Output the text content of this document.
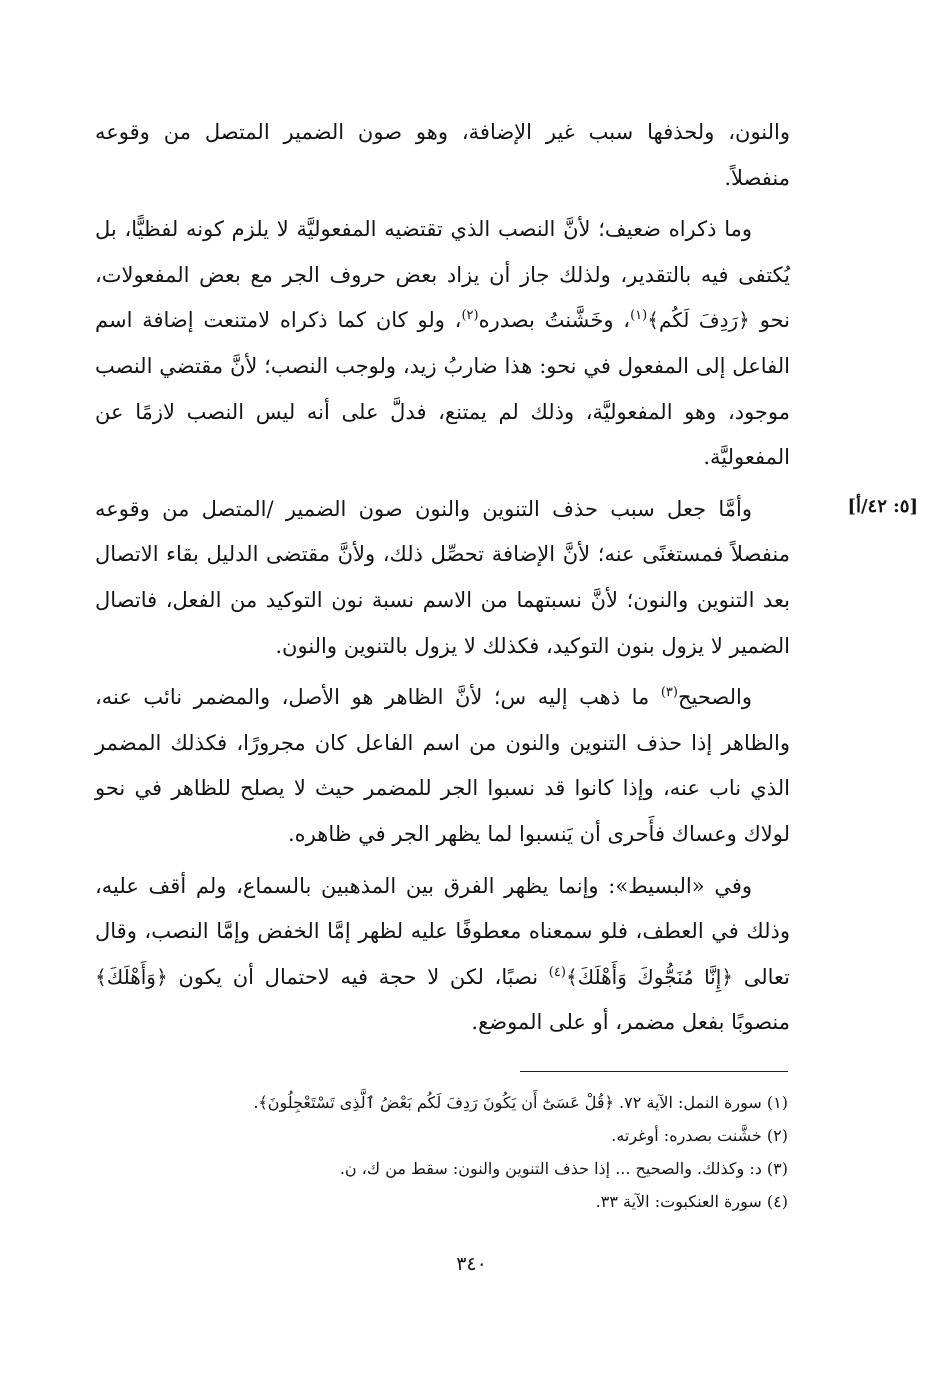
والنون، ولحذفها سبب غير الإضافة، وهو صون الضمير المتصل من وقوعه منفصلاً.

وما ذكراه ضعيف؛ لأنَّ النصب الذي تقتضيه المفعوليَّة لا يلزم كونه لفظيًّا، بل يُكتفى فيه بالتقدير، ولذلك جاز أن يزاد بعض حروف الجر مع بعض المفعولات، نحو ﴿رَدِفَ لَكُم﴾$^{(١)}$، وخَشَّنتُ بصدره$^{(٢)}$، ولو كان كما ذكراه لامتنعت إضافة اسم الفاعل إلى المفعول في نحو: هذا ضاربُ زيد، ولوجب النصب؛ لأنَّ مقتضي النصب موجود، وهو المفعوليَّة، وذلك لم يمتنع، فدلَّ على أنه ليس النصب لازمًا عن المفعوليَّة.

وأمَّا جعل سبب حذف التنوين والنون صون الضمير /المتصل من وقوعه منفصلاً فمستغنًى عنه؛ لأنَّ الإضافة تحصِّل ذلك، ولأنَّ مقتضى الدليل بقاء الاتصال بعد التنوين والنون؛ لأنَّ نسبتهما من الاسم نسبة نون التوكيد من الفعل، فاتصال الضمير لا يزول بنون التوكيد، فكذلك لا يزول بالتنوين والنون.

والصحيح$^{(٣)}$ ما ذهب إليه س؛ لأنَّ الظاهر هو الأصل، والمضمر نائب عنه، والظاهر إذا حذف التنوين والنون من اسم الفاعل كان مجرورًا، فكذلك المضمر الذي ناب عنه، وإذا كانوا قد نسبوا الجر للمضمر حيث لا يصلح للظاهر في نحو لولاك وعساك فأَحرى أن يَنسبوا لما يظهر الجر في ظاهره.

وفي «البسيط»: وإنما يظهر الفرق بين المذهبين بالسماع، ولم أقف عليه، وذلك في العطف، فلو سمعناه معطوفًا عليه لظهر إمَّا الخفض وإمَّا النصب، وقال تعالى ﴿إِنَّا مُنَجُّوكَ وَأَهْلَكَ﴾$^{(٤)}$ نصبًا، لكن لا حجة فيه لاحتمال أن يكون ﴿وَأَهْلَكَ﴾ منصوبًا بفعل مضمر، أو على الموضع.

[٥: ٤٢/أ]

(١) سورة النمل: الآية ٧٢. ﴿قُلْ عَسَىٰٓ أَن يَكُونَ رَدِفَ لَكُم بَعْضُ ٱلَّذِى تَسْتَعْجِلُونَ﴾.

(٢) خشَّنت بصدره: أوغرته.

(٣) د: وكذلك. والصحيح ... إذا حذف التنوين والنون: سقط من ك، ن.

(٤) سورة العنكبوت: الآية ٣٣.

٣٤٠
